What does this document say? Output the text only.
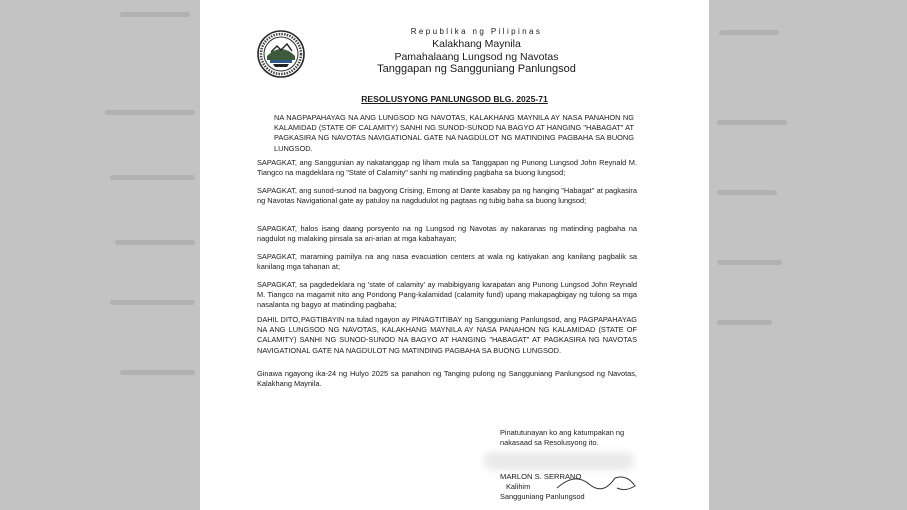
Republika ng Pilipinas
Kalakhang Maynila
Pamahalaang Lungsod ng Navotas
Tanggapan ng Sangguniang Panlungsod
RESOLUSYONG PANLUNGSOD BLG. 2025-71

NA NAGPAPAHAYAG NA ANG LUNGSOD NG NAVOTAS, KALAKHANG MAYNILA AY NASA PANAHON NG KALAMIDAD (STATE OF CALAMITY) SANHI NG SUNOD-SUNOD NA BAGYO AT HANGING "HABAGAT" AT PAGKASIRA NG NAVOTAS NAVIGATIONAL GATE NA NAGDULOT NG MATINDING PAGBAHA SA BUONG LUNGSOD.

SAPAGKAT, ang Sanggunian ay nakatanggap ng liham mula sa Tanggapan ng Punong Lungsod John Reynald M. Tiangco na magdeklara ng "State of Calamity" sanhi ng matinding pagbaha sa buong lungsod;

SAPAGKAT, ang sunod-sunod na bagyong Crising, Emong at Dante kasabay pa ng hanging "Habagat" at pagkasira ng Navotas Navigational gate ay patuloy na nagdudulot ng pagtaas ng tubig baha sa buong lungsod;

SAPAGKAT, halos isang daang porsyento na ng Lungsod ng Navotas ay nakaranas ng matinding pagbaha na nagdulot ng malaking pinsala sa ari-arian at mga kabahayan;

SAPAGKAT, maraming pamilya na ang nasa evacuation centers at wala ng katiyakan ang kanilang pagbalik sa kanilang mga tahanan at;

SAPAGKAT, sa pagdedeklara ng 'state of calamity' ay mabibigyang karapatan ang Punong Lungsod John Reynald M. Tiangco na magamit nito ang Pondong Pang-kalamidad (calamity fund) upang makapagbigay ng tulong sa mga nasalanta ng bagyo at matinding pagbaha;

DAHIL DITO,PAGTIBAYIN na tulad ngayon ay PINAGTITIBAY ng Sangguniang Panlungsod, ang PAGPAPAHAYAG NA ANG LUNGSOD NG NAVOTAS, KALAKHANG MAYNILA AY NASA PANAHON NG KALAMIDAD (STATE OF CALAMITY) SANHI NG SUNOD-SUNOD NA BAGYO AT HANGING "HABAGAT" AT PAGKASIRA NG NAVOTAS NAVIGATIONAL GATE NA NAGDULOT NG MATINDING PAGBAHA SA BUONG LUNGSOD.

Ginawa ngayong ika-24 ng Hulyo 2025 sa panahon ng Tanging pulong ng Sangguniang Panlungsod ng Navotas, Kalakhang Maynila.

Pinatutunayan ko ang katumpakan ng nakasaad sa Resolusyong ito.
MARLON S. SERRANO
Kalihim
Sangguniang Panlungsod
